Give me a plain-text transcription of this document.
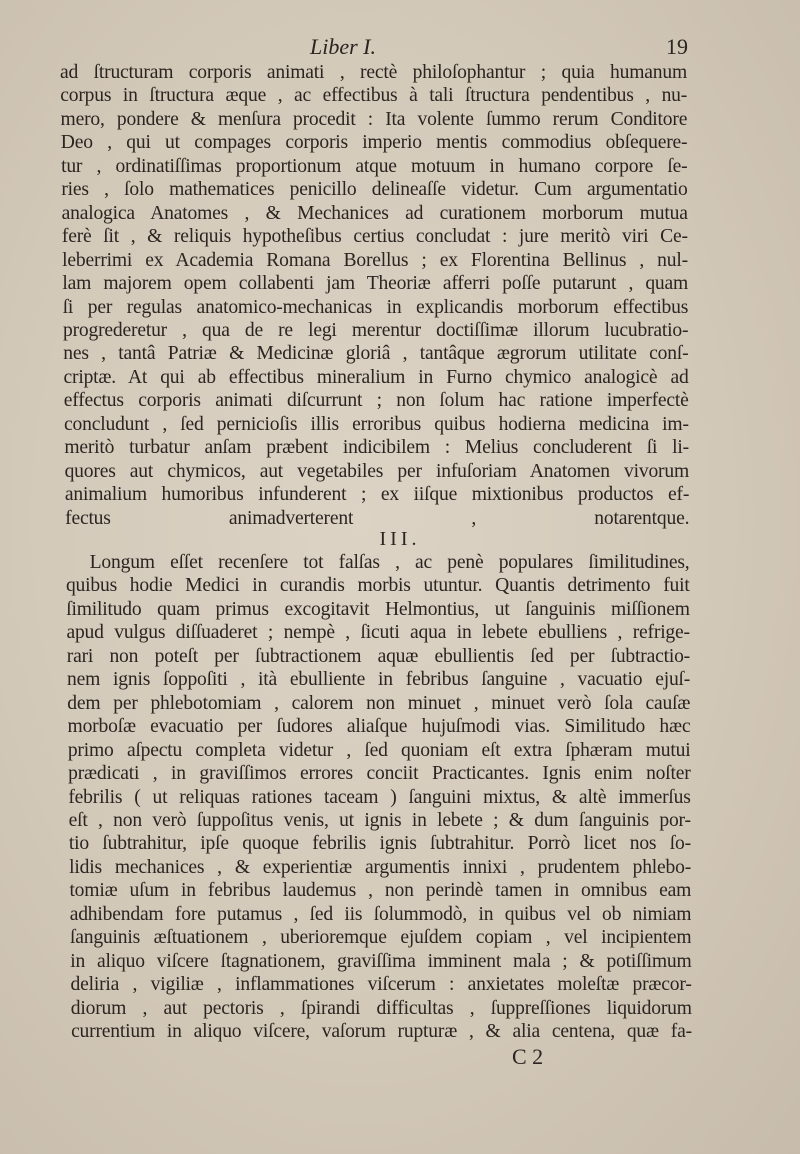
Liber I.	19
ad ſtructuram corporis animati , rectè philoſophantur ; quia humanum
corpus in ſtructura æque , ac effectibus à tali ſtructura pendentibus , nu-
mero, pondere & menſura procedit : Ita volente ſummo rerum Conditore
Deo , qui ut compages corporis imperio mentis commodius obſequere-
tur , ordinatiſſimas proportionum atque motuum in humano corpore ſe-
ries , ſolo mathematices penicillo delineaſſe videtur. Cum argumentatio
analogica Anatomes , & Mechanices ad curationem morborum mutua
ferè ſit , & reliquis hypotheſibus certius concludat : jure meritò viri Ce-
leberrimi ex Academia Romana Borellus ; ex Florentina Bellinus , nul-
lam majorem opem collabenti jam Theoriæ afferri poſſe putarunt , quam
ſi per regulas anatomico-mechanicas in explicandis morborum effectibus
progrederetur , qua de re legi merentur doctiſſimæ illorum lucubratio-
nes , tantâ Patriæ & Medicinæ gloriâ , tantâque ægrorum utilitate conſ-
criptæ. At qui ab effectibus mineralium in Furno chymico analogicè ad
effectus corporis animati diſcurrunt ; non ſolum hac ratione imperfectè
concludunt , ſed pernicioſis illis erroribus quibus hodierna medicina im-
meritò turbatur anſam præbent indicibilem : Melius concluderent ſi li-
quores aut chymicos, aut vegetabiles per infuſoriam Anatomen vivorum
animalium humoribus infunderent ; ex iiſque mixtionibus productos ef-
fectus animadverterent , notarentque.
III.
Longum eſſet recenſere tot falſas , ac penè populares ſimilitudines,
quibus hodie Medici in curandis morbis utuntur. Quantis detrimento fuit
ſimilitudo quam primus excogitavit Helmontius, ut ſanguinis miſſionem
apud vulgus diſſuaderet ; nempè , ſicuti aqua in lebete ebulliens , refrige-
rari non poteſt per ſubtractionem aquæ ebullientis ſed per ſubtractio-
nem ignis ſoppoſiti , ità ebulliente in febribus ſanguine , vacuatio ejuſ-
dem per phlebotomiam , calorem non minuet , minuet verò ſola cauſæ
morboſæ evacuatio per ſudores aliaſque hujuſmodi vias. Similitudo hæc
primo aſpectu completa videtur , ſed quoniam eſt extra ſphæram mutui
prædicati , in graviſſimos errores conciit Practicantes. Ignis enim noſter
febrilis ( ut reliquas rationes taceam ) ſanguini mixtus, & altè immerſus
eſt , non verò ſuppoſitus venis, ut ignis in lebete ; & dum ſanguinis por-
tio ſubtrahitur, ipſe quoque febrilis ignis ſubtrahitur. Porrò licet nos ſo-
lidis mechanices , & experientiæ argumentis innixi , prudentem phlebo-
tomiæ uſum in febribus laudemus , non perindè tamen in omnibus eam
adhibendam fore putamus , ſed iis ſolummodò, in quibus vel ob nimiam
ſanguinis æſtuationem , uberioremque ejuſdem copiam , vel incipientem
in aliquo viſcere ſtagnationem, graviſſima imminent mala ; & potiſſimum
deliria , vigiliæ , inflammationes viſcerum : anxietates moleſtæ præcor-
diorum , aut pectoris , ſpirandi difficultas , ſuppreſſiones liquidorum
currentium in aliquo viſcere, vaſorum rupturæ , & alia centena, quæ fa-
C 2
